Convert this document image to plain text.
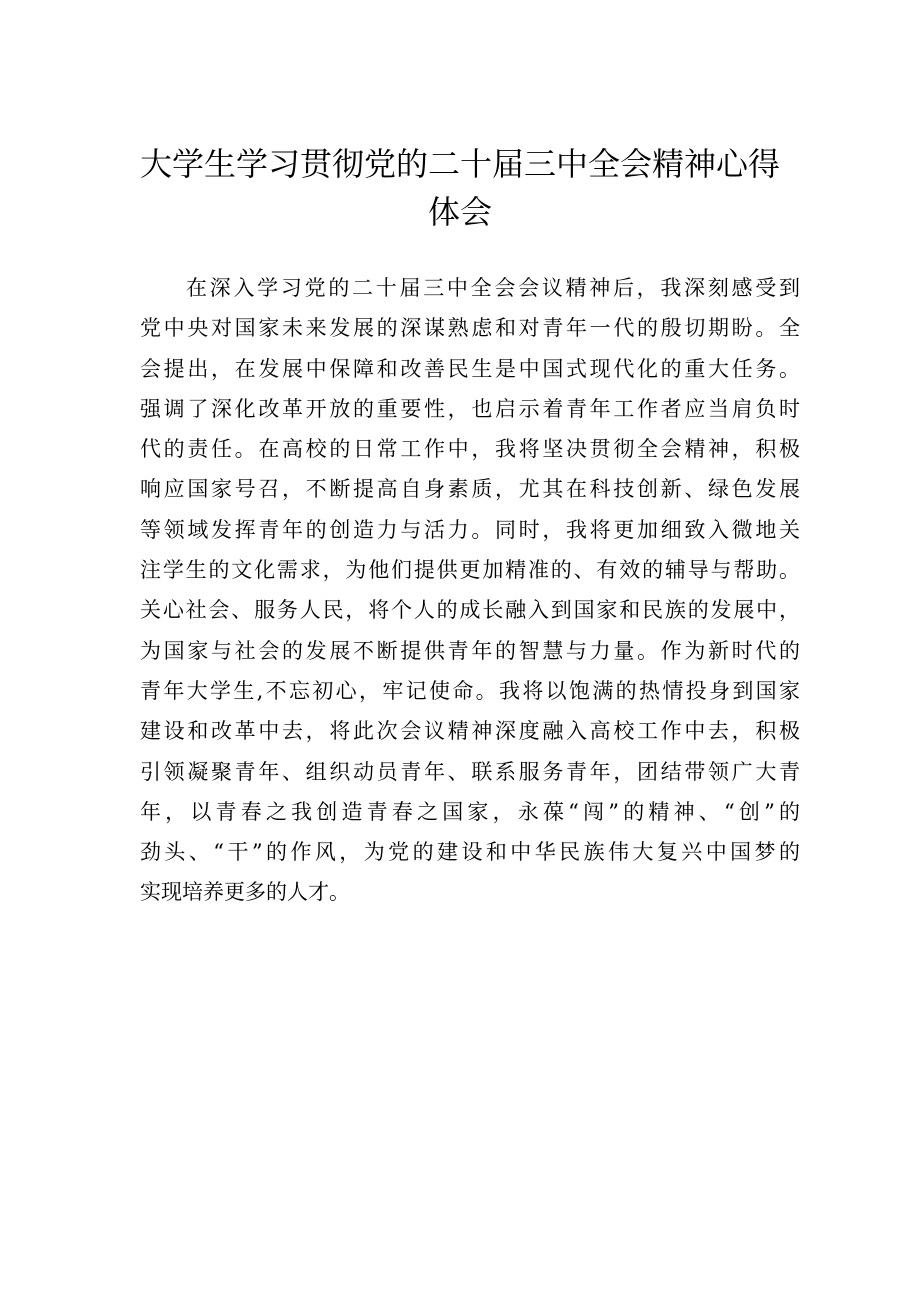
大学生学习贯彻党的二十届三中全会精神心得
体会
在深入学习党的二十届三中全会会议精神后，我深刻感受到
党中央对国家未来发展的深谋熟虑和对青年一代的殷切期盼。全
会提出，在发展中保障和改善民生是中国式现代化的重大任务。
强调了深化改革开放的重要性，也启示着青年工作者应当肩负时
代的责任。在高校的日常工作中，我将坚决贯彻全会精神，积极
响应国家号召，不断提高自身素质，尤其在科技创新、绿色发展
等领域发挥青年的创造力与活力。同时，我将更加细致入微地关
注学生的文化需求，为他们提供更加精准的、有效的辅导与帮助。
关心社会、服务人民，将个人的成长融入到国家和民族的发展中，
为国家与社会的发展不断提供青年的智慧与力量。作为新时代的
青年大学生,不忘初心，牢记使命。我将以饱满的热情投身到国家
建设和改革中去，将此次会议精神深度融入高校工作中去，积极
引领凝聚青年、组织动员青年、联系服务青年，团结带领广大青
年，以青春之我创造青春之国家，永葆“闯”的精神、“创”的
劲头、“干”的作风，为党的建设和中华民族伟大复兴中国梦的
实现培养更多的人才。
